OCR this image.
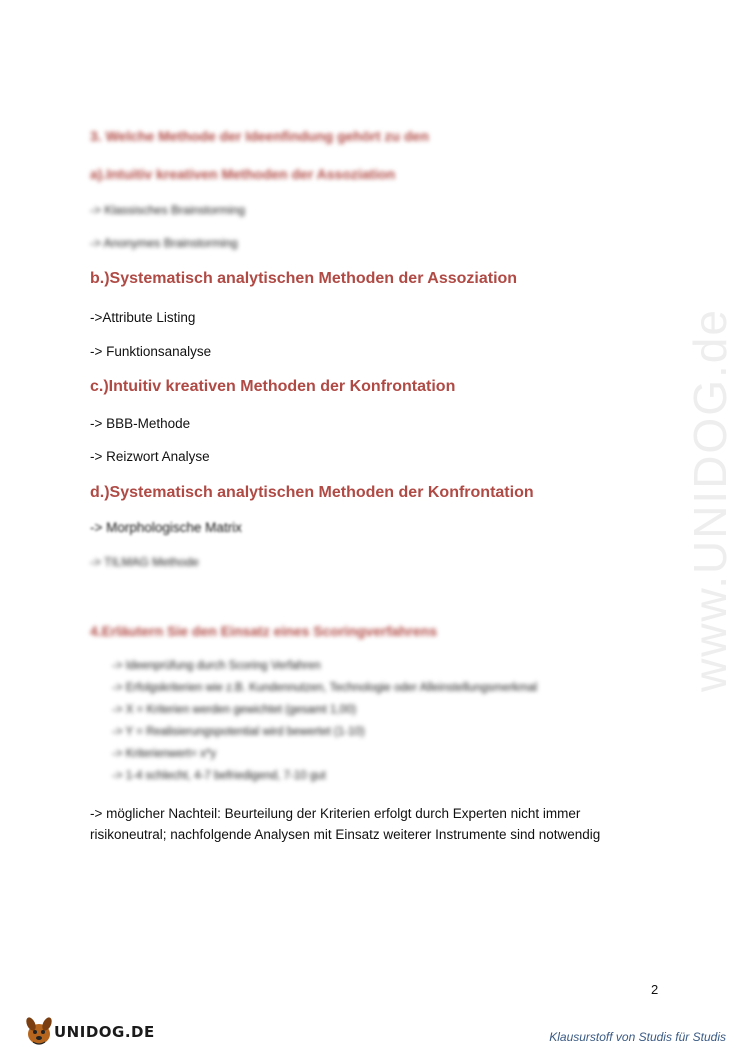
www.UNIDOG.de
3. Welche Methode der Ideenfindung gehört zu den
a).Intuitiv kreativen Methoden der Assoziation
-> Klassisches Brainstorming
-> Anonymes Brainstorming
b.)Systematisch analytischen Methoden der Assoziation
->Attribute Listing
-> Funktionsanalyse
c.)Intuitiv kreativen Methoden der Konfrontation
-> BBB-Methode
-> Reizwort Analyse
d.)Systematisch analytischen Methoden der Konfrontation
-> Morphologische Matrix
-> TILMAG Methode
4.Erläutern Sie den Einsatz eines Scoringverfahrens
-> Ideenprüfung durch Scoring Verfahren
-> Erfolgskriterien wie z.B. Kundennutzen, Technologie oder Alleinstellungsmerkmal
-> X = Kriterien werden gewichtet (gesamt 1,00)
-> Y = Realisierungspotential wird bewertet (1-10)
-> Kriterienwert= x*y
-> 1-4 schlecht, 4-7 befriedigend, 7-10 gut
-> möglicher Nachteil: Beurteilung der Kriterien erfolgt durch Experten nicht immer risikoneutral; nachfolgende Analysen mit Einsatz weiterer Instrumente sind notwendig
2
UNIDOG.DE	Klausurstoff von Studis für Studis
